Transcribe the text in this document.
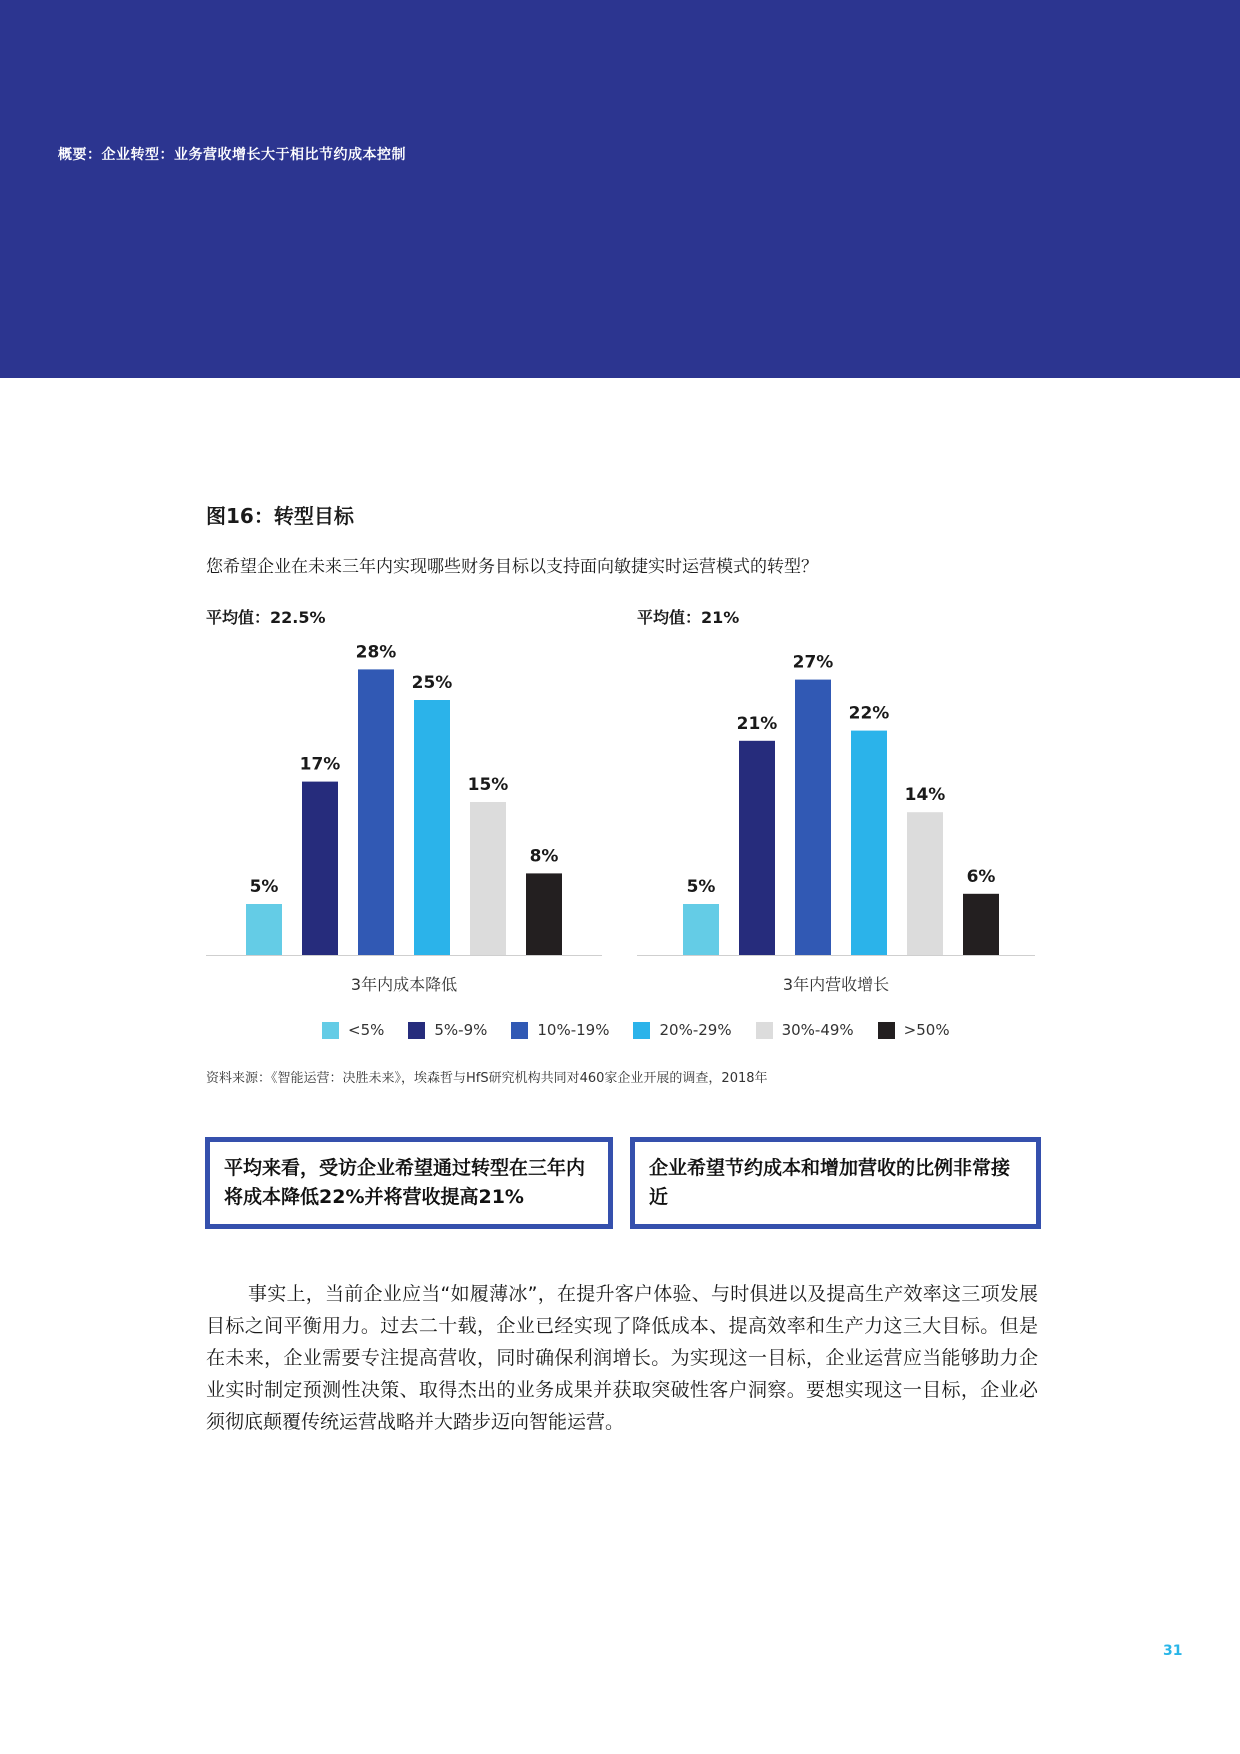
概要：企业转型：业务营收增长大于相比节约成本控制
图16：转型目标
您希望企业在未来三年内实现哪些财务目标以支持面向敏捷实时运营模式的转型？
平均值：22.5%
5%
17%
28%
25%
15%
8%
3年内成本降低
平均值：21%
5%
21%
27%
22%
14%
6%
3年内营收增长
<5%	5%-9%	10%-19%	20%-29%	30%-49%	>50%
资料来源：《智能运营：决胜未来》，埃森哲与HfS研究机构共同对460家企业开展的调查，2018年
平均来看，受访企业希望通过转型在三年内将成本降低22%并将营收提高21%
企业希望节约成本和增加营收的比例非常接近

事实上，当前企业应当“如履薄冰”，在提升客户体验、与时俱进以及提高生产效率这三项发展目标之间平衡用力。过去二十载，企业已经实现了降低成本、提高效率和生产力这三大目标。但是在未来，企业需要专注提高营收，同时确保利润增长。为实现这一目标，企业运营应当能够助力企业实时制定预测性决策、取得杰出的业务成果并获取突破性客户洞察。要想实现这一目标，企业必须彻底颠覆传统运营战略并大踏步迈向智能运营。

31
